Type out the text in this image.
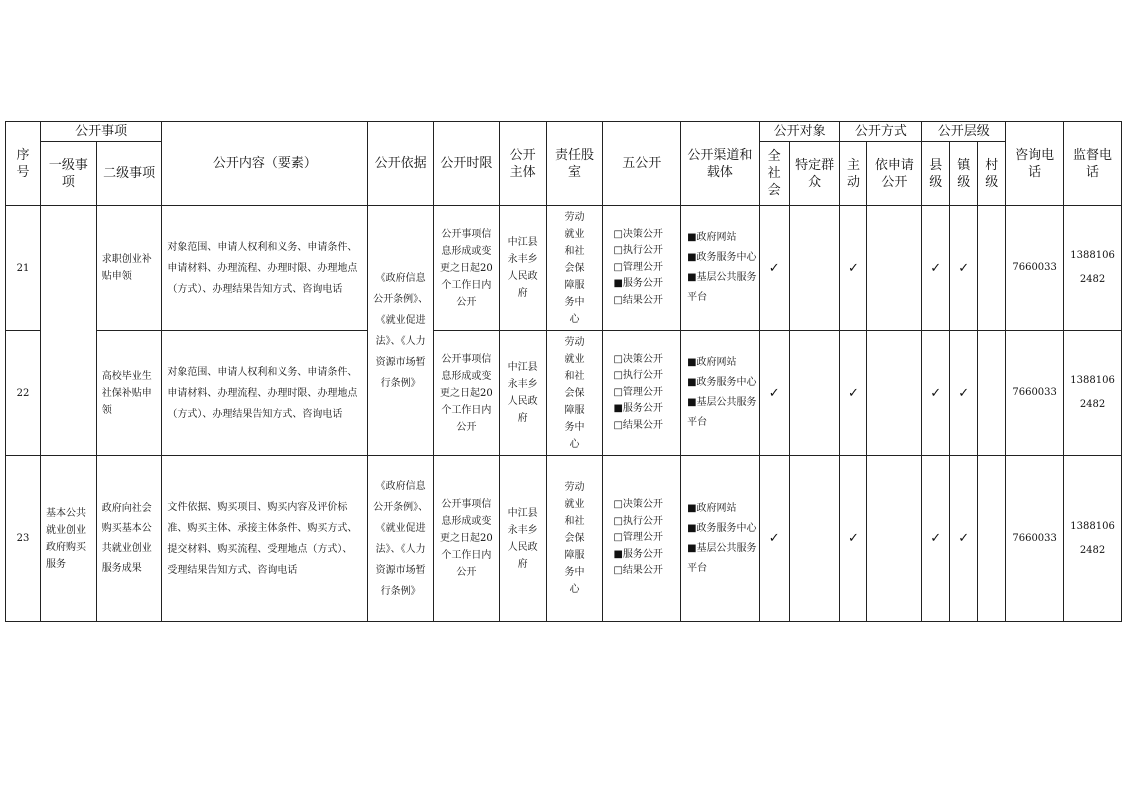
序号	公开事项		公开内容（要素）	公开依据	公开时限	公开主体	责任股室	五公开	公开渠道和载体	公开对象		公开方式		公开层级			咨询电话	监督电话
	一级事项	二级事项								全社会	特定群众	主动	依申请公开	县级	镇级	村级		
21		求职创业补贴申领	对象范围、申请人权利和义务、申请条件、申请材料、办理流程、办理时限、办理地点（方式）、办理结果告知方式、咨询电话	《政府信息公开条例》、《就业促进法》、《人力资源市场暂行条例》	公开事项信息形成或变更之日起20个工作日内公开	中江县永丰乡人民政府	劳动就业和社会保障服务中心	□决策公开
□执行公开
□管理公开
■服务公开
□结果公开	■政府网站
■政务服务中心
■基层公共服务平台	✓		✓		✓	✓		7660033	13881062482
22		高校毕业生社保补贴申领	对象范围、申请人权利和义务、申请条件、申请材料、办理流程、办理时限、办理地点（方式）、办理结果告知方式、咨询电话		公开事项信息形成或变更之日起20个工作日内公开	中江县永丰乡人民政府	劳动就业和社会保障服务中心	□决策公开
□执行公开
□管理公开
■服务公开
□结果公开	■政府网站
■政务服务中心
■基层公共服务平台	✓		✓		✓	✓		7660033	13881062482
23	基本公共就业创业政府购买服务	政府向社会购买基本公共就业创业服务成果	文件依据、购买项目、购买内容及评价标准、购买主体、承接主体条件、购买方式、提交材料、购买流程、受理地点（方式）、受理结果告知方式、咨询电话	《政府信息公开条例》、《就业促进法》、《人力资源市场暂行条例》	公开事项信息形成或变更之日起20个工作日内公开	中江县永丰乡人民政府	劳动就业和社会保障服务中心	□决策公开
□执行公开
□管理公开
■服务公开
□结果公开	■政府网站
■政务服务中心
■基层公共服务平台	✓		✓		✓	✓		7660033	13881062482
